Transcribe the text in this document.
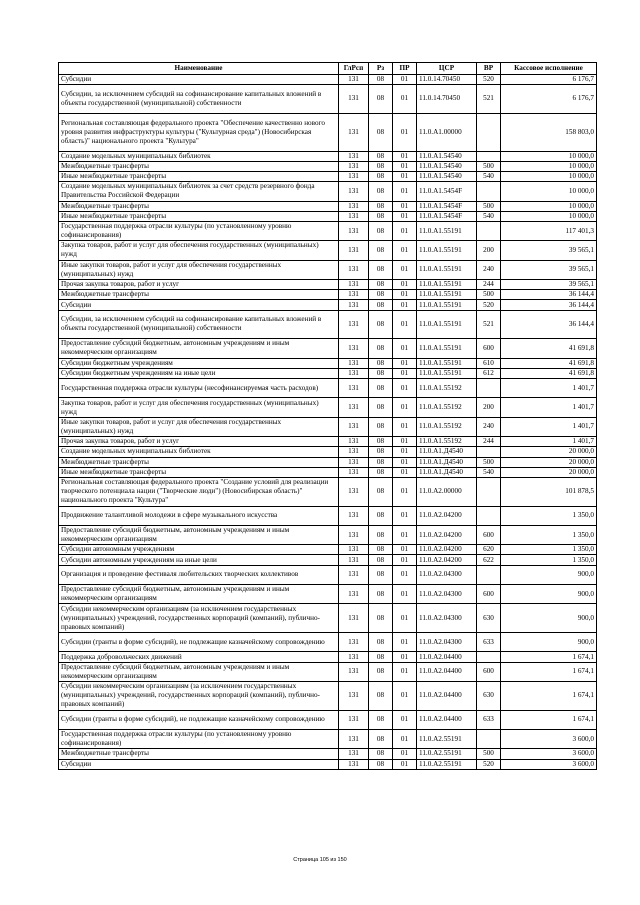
Наименование	ГлРсп	Рз	ПР	ЦСР	ВР	Кассовое исполнение
Субсидии	131	08	01	11.0.14.70450	520	6 176,7
Субсидии, за исключением субсидий на софинансирование капитальных вложений в объекты государственной (муниципальной) собственности	131	08	01	11.0.14.70450	521	6 176,7
Региональная составляющая федерального проекта "Обеспечение качественно нового уровня развития инфраструктуры культуры ("Культурная среда") (Новосибирская область)" национального проекта "Культура"	131	08	01	11.0.А1.00000		158 803,0
Создание модельных муниципальных библиотек	131	08	01	11.0.А1.54540		10 000,0
Межбюджетные трансферты	131	08	01	11.0.А1.54540	500	10 000,0
Иные межбюджетные трансферты	131	08	01	11.0.А1.54540	540	10 000,0
Создание модельных муниципальных библиотек за счет средств резервного фонда Правительства Российской Федерации	131	08	01	11.0.А1.5454F		10 000,0
Межбюджетные трансферты	131	08	01	11.0.А1.5454F	500	10 000,0
Иные межбюджетные трансферты	131	08	01	11.0.А1.5454F	540	10 000,0
Государственная поддержка отрасли культуры (по установленному уровню софинансирования)	131	08	01	11.0.А1.55191		117 401,3
Закупка товаров, работ и услуг для обеспечения государственных (муниципальных) нужд	131	08	01	11.0.А1.55191	200	39 565,1
Иные закупки товаров, работ и услуг для обеспечения государственных (муниципальных) нужд	131	08	01	11.0.А1.55191	240	39 565,1
Прочая закупка товаров, работ и услуг	131	08	01	11.0.А1.55191	244	39 565,1
Межбюджетные трансферты	131	08	01	11.0.А1.55191	500	36 144,4
Субсидии	131	08	01	11.0.А1.55191	520	36 144,4
Субсидии, за исключением субсидий на софинансирование капитальных вложений в объекты государственной (муниципальной) собственности	131	08	01	11.0.А1.55191	521	36 144,4
Предоставление субсидий бюджетным, автономным учреждениям и иным некоммерческим организациям	131	08	01	11.0.А1.55191	600	41 691,8
Субсидии бюджетным учреждениям	131	08	01	11.0.А1.55191	610	41 691,8
Субсидии бюджетным учреждениям на иные цели	131	08	01	11.0.А1.55191	612	41 691,8
Государственная поддержка отрасли культуры (несофинансируемая часть расходов)	131	08	01	11.0.А1.55192		1 401,7
Закупка товаров, работ и услуг для обеспечения государственных (муниципальных) нужд	131	08	01	11.0.А1.55192	200	1 401,7
Иные закупки товаров, работ и услуг для обеспечения государственных (муниципальных) нужд	131	08	01	11.0.А1.55192	240	1 401,7
Прочая закупка товаров, работ и услуг	131	08	01	11.0.А1.55192	244	1 401,7
Создание модельных муниципальных библиотек	131	08	01	11.0.А1.Д4540		20 000,0
Межбюджетные трансферты	131	08	01	11.0.А1.Д4540	500	20 000,0
Иные межбюджетные трансферты	131	08	01	11.0.А1.Д4540	540	20 000,0
Региональная составляющая федерального проекта "Создание условий для реализации творческого потенциала нации ("Творческие люди") (Новосибирская область)" национального проекта "Культура"	131	08	01	11.0.А2.00000		101 878,5
Продвижение талантливой молодежи в сфере музыкального искусства	131	08	01	11.0.А2.04200		1 350,0
Предоставление субсидий бюджетным, автономным учреждениям и иным некоммерческим организациям	131	08	01	11.0.А2.04200	600	1 350,0
Субсидии автономным учреждениям	131	08	01	11.0.А2.04200	620	1 350,0
Субсидии автономным учреждениям на иные цели	131	08	01	11.0.А2.04200	622	1 350,0
Организация и проведение фестиваля любительских творческих коллективов	131	08	01	11.0.А2.04300		900,0
Предоставление субсидий бюджетным, автономным учреждениям и иным некоммерческим организациям	131	08	01	11.0.А2.04300	600	900,0
Субсидии некоммерческим организациям (за исключением государственных (муниципальных) учреждений, государственных корпораций (компаний), публично-правовых компаний)	131	08	01	11.0.А2.04300	630	900,0
Субсидии (гранты в форме субсидий), не подлежащие казначейскому сопровождению	131	08	01	11.0.А2.04300	633	900,0
Поддержка добровольческих движений	131	08	01	11.0.А2.04400		1 674,1
Предоставление субсидий бюджетным, автономным учреждениям и иным некоммерческим организациям	131	08	01	11.0.А2.04400	600	1 674,1
Субсидии некоммерческим организациям (за исключением государственных (муниципальных) учреждений, государственных корпораций (компаний), публично-правовых компаний)	131	08	01	11.0.А2.04400	630	1 674,1
Субсидии (гранты в форме субсидий), не подлежащие казначейскому сопровождению	131	08	01	11.0.А2.04400	633	1 674,1
Государственная поддержка отрасли культуры (по установленному уровню софинансирования)	131	08	01	11.0.А2.55191		3 600,0
Межбюджетные трансферты	131	08	01	11.0.А2.55191	500	3 600,0
Субсидии	131	08	01	11.0.А2.55191	520	3 600,0
Страница 105 из 150
